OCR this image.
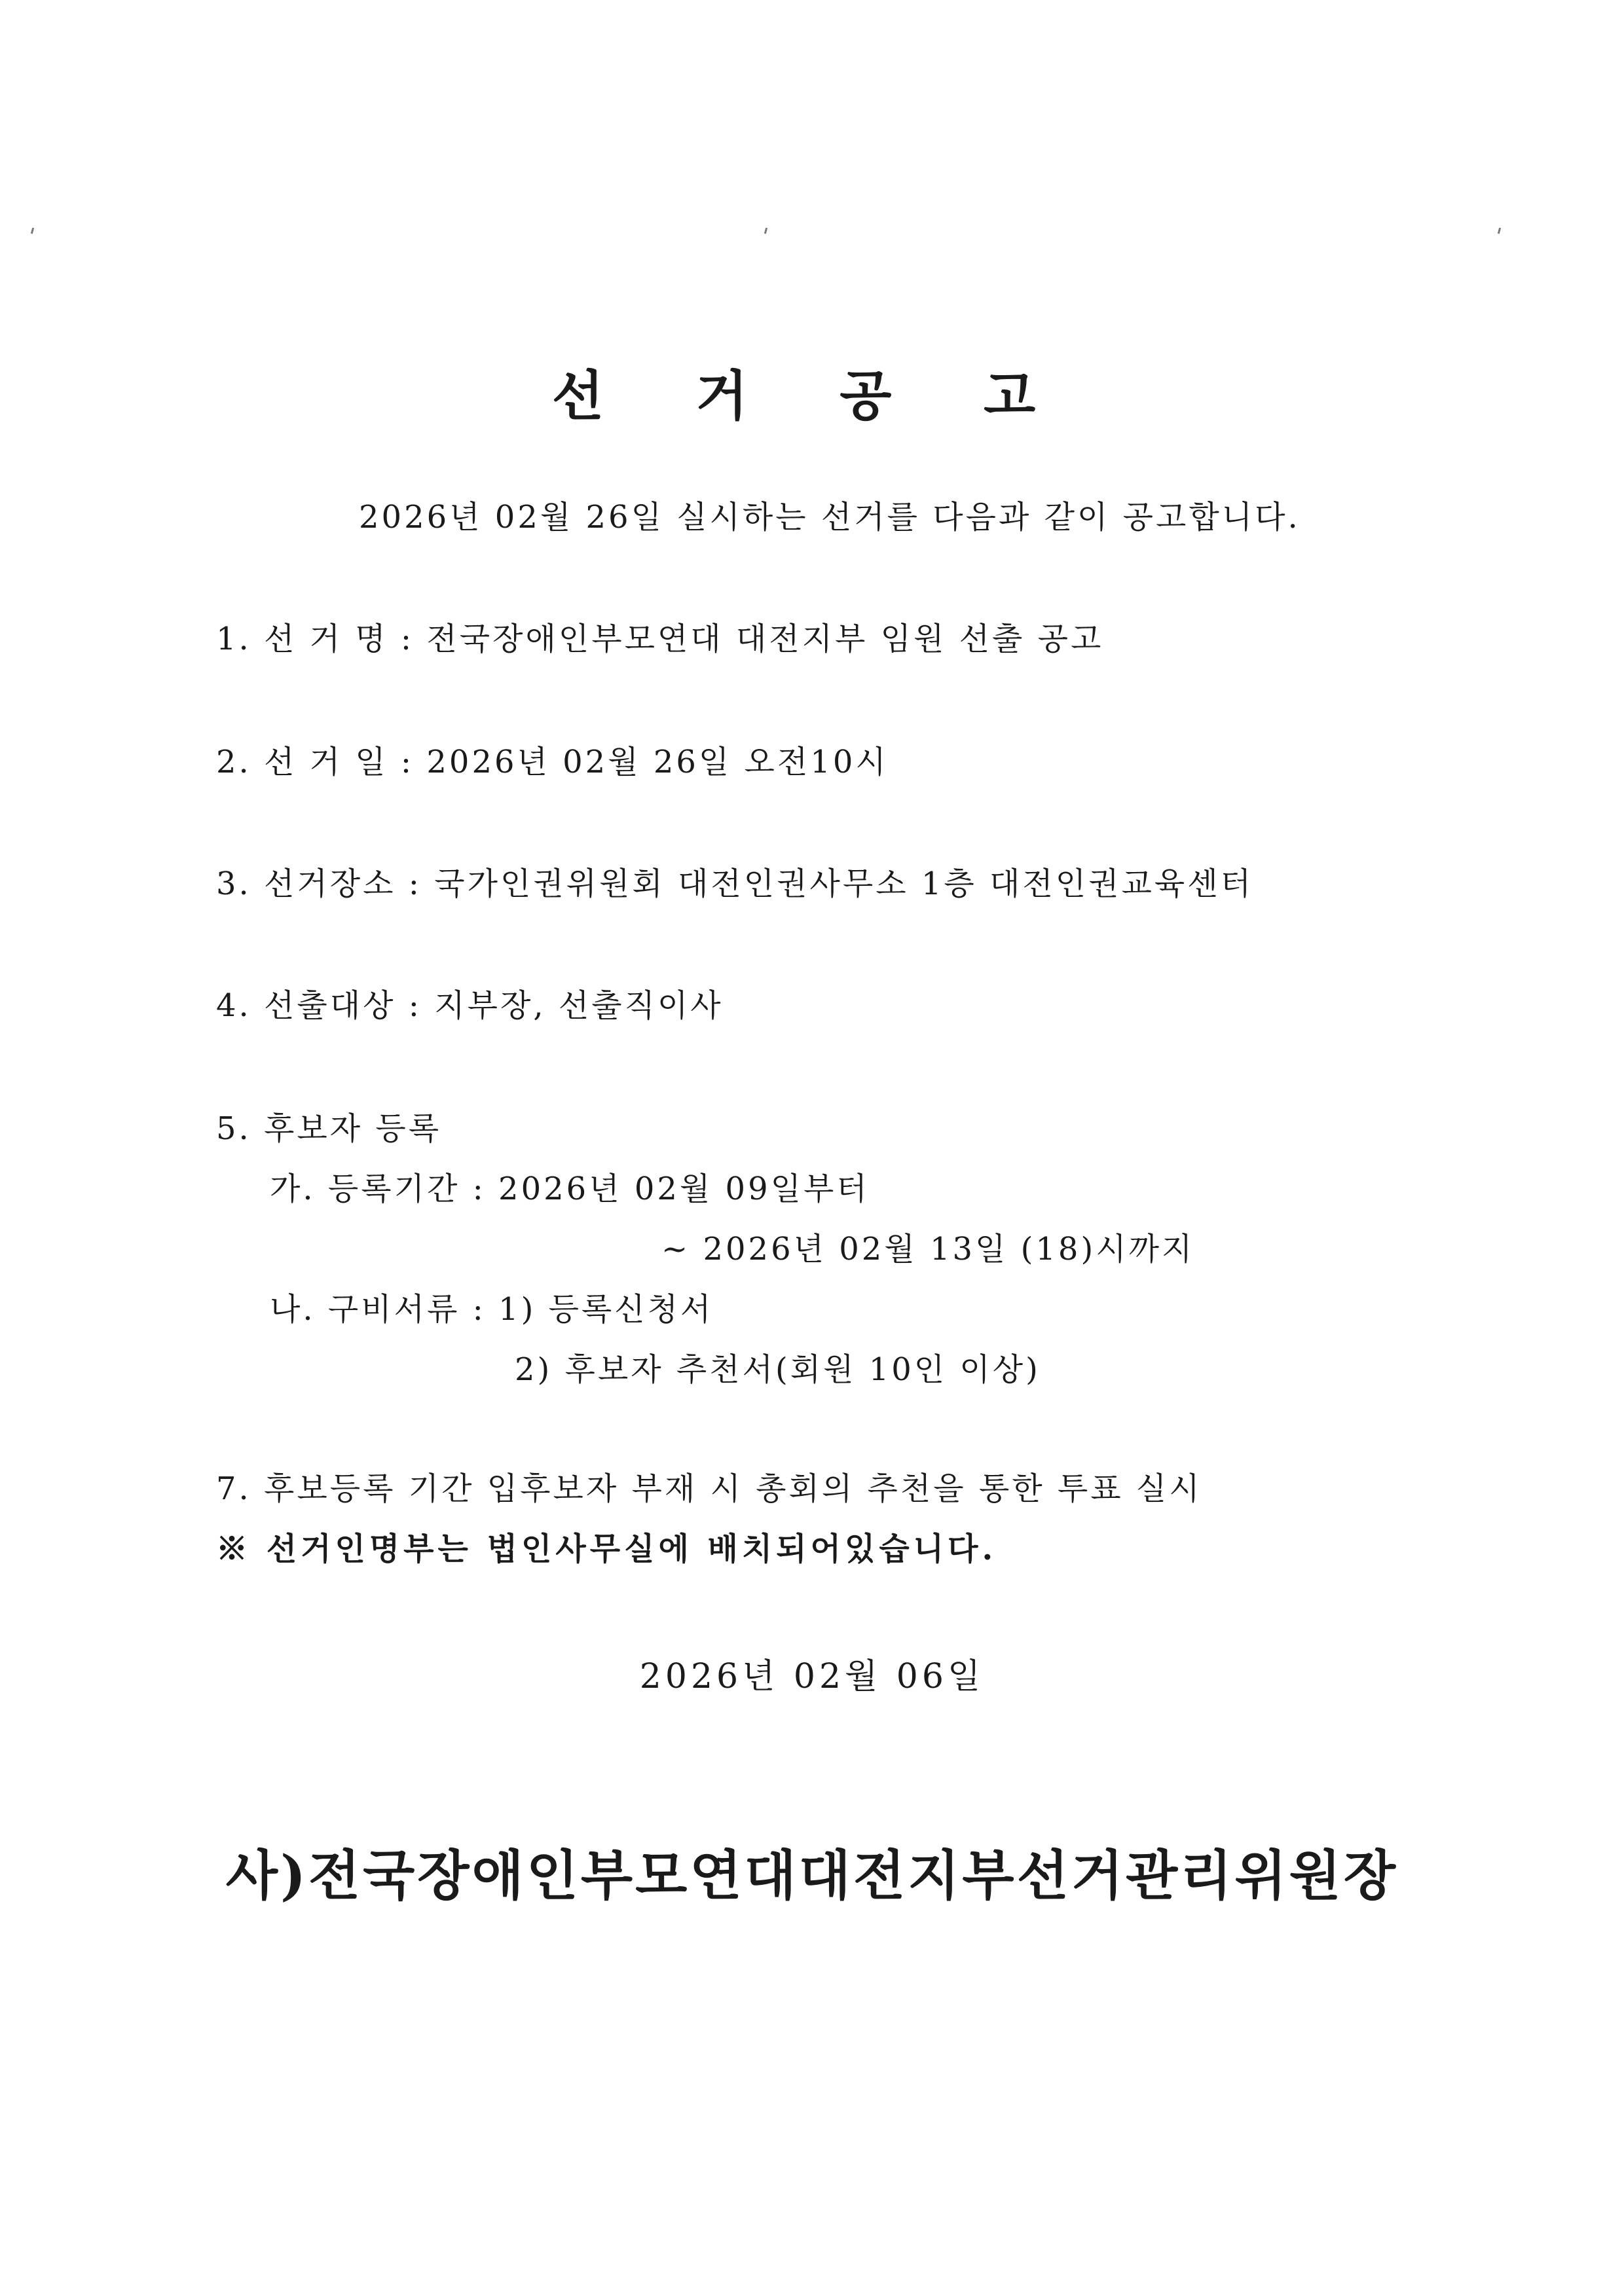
선 거 공 고
2026년 02월 26일 실시하는 선거를 다음과 같이 공고합니다.
1. 선 거 명 : 전국장애인부모연대 대전지부 임원 선출 공고
2. 선 거 일 : 2026년 02월 26일 오전10시
3. 선거장소 : 국가인권위원회 대전인권사무소 1층 대전인권교육센터
4. 선출대상 : 지부장, 선출직이사
5. 후보자 등록
가. 등록기간 : 2026년 02월 09일부터
~ 2026년 02월 13일 (18)시까지
나. 구비서류 : 1) 등록신청서
2) 후보자 추천서(회원 10인 이상)
7. 후보등록 기간 입후보자 부재 시 총회의 추천을 통한 투표 실시
※ 선거인명부는 법인사무실에 배치되어있습니다.
2026년 02월 06일
사)전국장애인부모연대대전지부선거관리위원장
